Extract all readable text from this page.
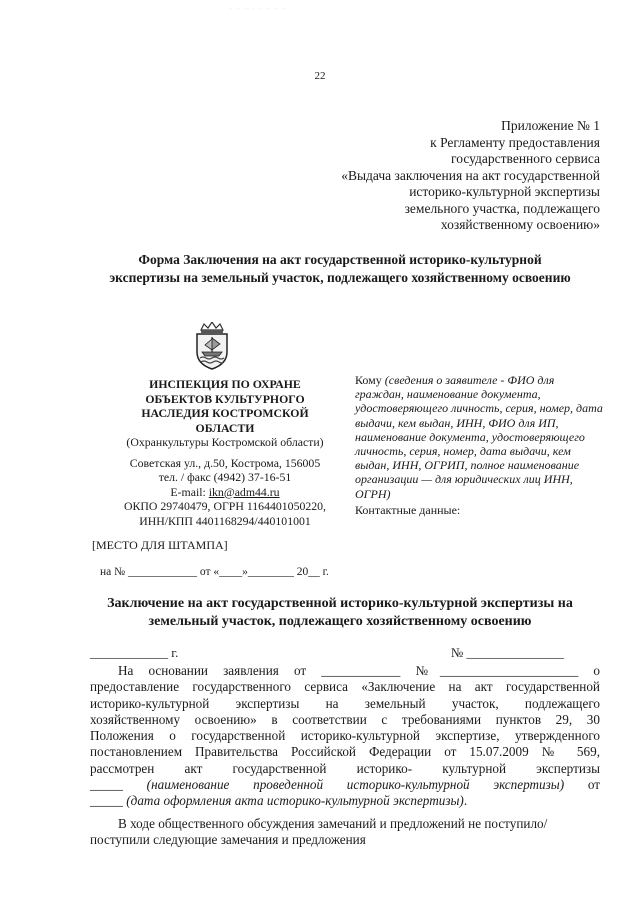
· · · · · · · ·
22
Приложение № 1
к Регламенту предоставления
государственного сервиса
«Выдача заключения на акт государственной
историко-культурной экспертизы
земельного участка, подлежащего
хозяйственному освоению»
Форма Заключения на акт государственной историко-культурной
экспертизы на земельный участок, подлежащего хозяйственному освоению
ИНСПЕКЦИЯ ПО ОХРАНЕ
ОБЪЕКТОВ КУЛЬТУРНОГО
НАСЛЕДИЯ КОСТРОМСКОЙ
ОБЛАСТИ
(Охранкультуры Костромской области)
Советская ул., д.50, Кострома, 156005
тел. / факс (4942) 37-16-51
E-mail: ikn@adm44.ru
ОКПО 29740479, ОГРН 1164401050220,
ИНН/КПП 4401168294/440101001
Кому (сведения о заявителе - ФИО для граждан, наименование документа, удостоверяющего личность, серия, номер, дата выдачи, кем выдан, ИНН, ФИО для ИП, наименование документа, удостоверяющего личность, серия, номер, дата выдачи, кем выдан, ИНН, ОГРИП, полное наименование организации — для юридических лиц ИНН, ОГРН)
Контактные данные:
[МЕСТО ДЛЯ ШТАМПА]
на № ____________ от «____»________ 20__ г.
Заключение на акт государственной историко-культурной экспертизы на
земельный участок, подлежащего хозяйственному освоению
____________ г.	№ _______________

На основании заявления от ____________ №_____________________ о

предоставление государственного сервиса «Заключение на акт государственной

историко-культурной экспертизы на земельный участок, подлежащего

хозяйственному освоению» в соответствии с требованиями пунктов 29, 30

Положения о государственной историко-культурной экспертизе, утвержденного

постановлением Правительства Российской Федерации от 15.07.2009 № 569,

рассмотрен акт государственной историко- культурной экспертизы

_____ (наименование проведенной историко-культурной экспертизы) от

_____ (дата оформления акта историко-культурной экспертизы).

В ходе общественного обсуждения замечаний и предложений не поступило/

поступили следующие замечания и предложения
